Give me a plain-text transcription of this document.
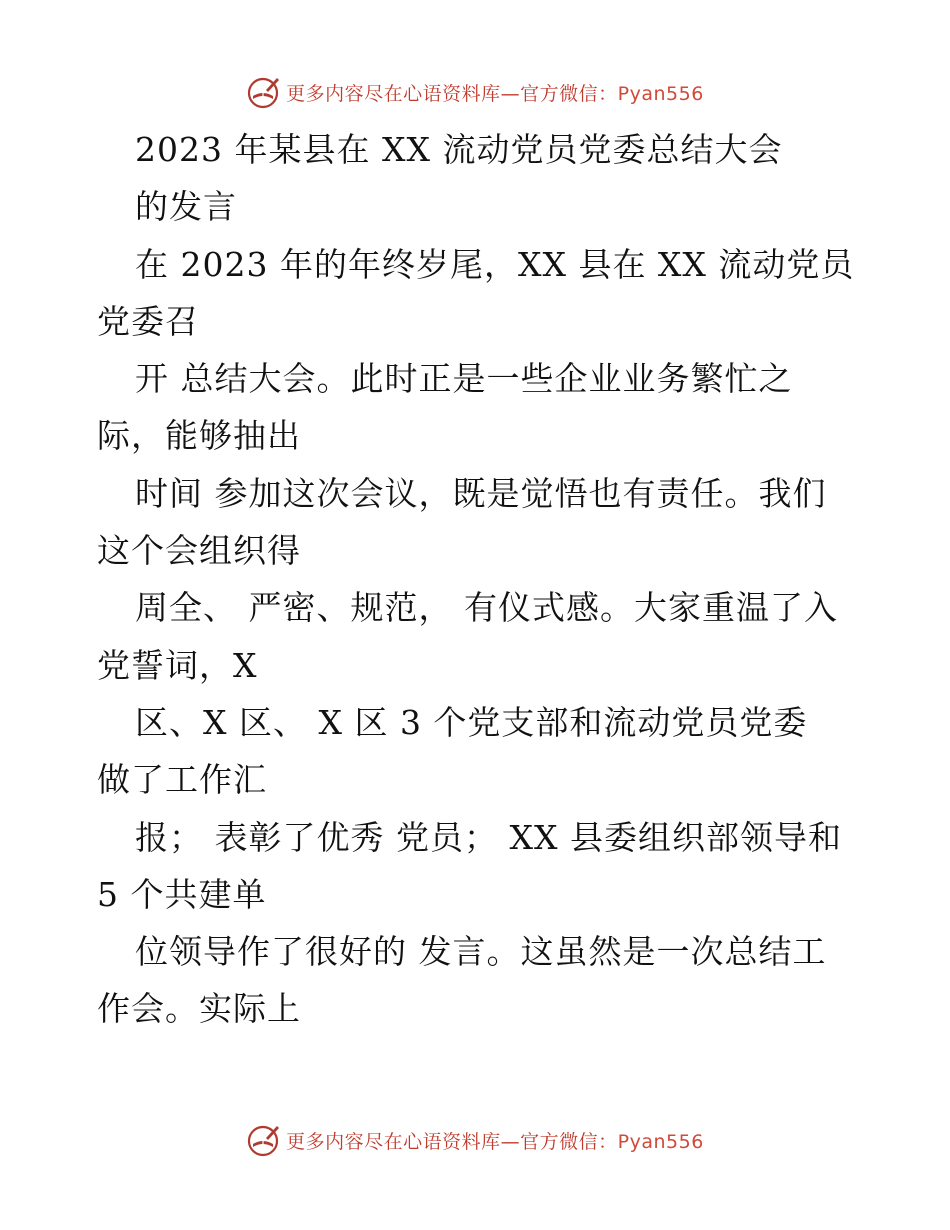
更多内容尽在心语资料库—官方微信：Pyan556
2023 年某县在 XX 流动党员党委总结大会
的发言
在 2023 年的年终岁尾，XX 县在 XX 流动党员
党委召
开 总结大会。此时正是一些企业业务繁忙之
际，能够抽出
时间 参加这次会议，既是觉悟也有责任。我们
这个会组织得
周全、 严密、规范， 有仪式感。大家重温了入
党誓词，X
区、X 区、 X 区 3 个党支部和流动党员党委
做了工作汇
报； 表彰了优秀 党员； XX 县委组织部领导和
5 个共建单
位领导作了很好的 发言。这虽然是一次总结工
作会。实际上
更多内容尽在心语资料库—官方微信：Pyan556
